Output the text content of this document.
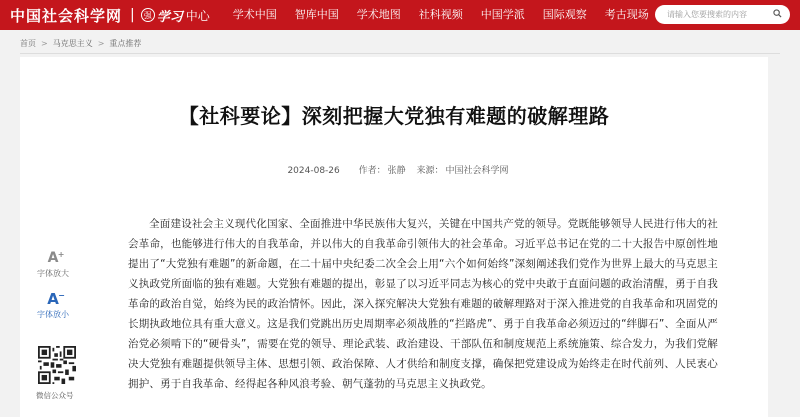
中国社会科学网 |	强 学习 中心	学术中国	智库中国	学术地图	社科视频	中国学派	国际观察	考古现场
请输入您要搜索的内容
首页 > 马克思主义 > 重点推荐
【社科要论】深刻把握大党独有难题的破解理路
2024-08-26 作者： 张静 来源： 中国社会科学网

全面建设社会主义现代化国家、全面推进中华民族伟大复兴，关键在中国共产党的领导。党既能够领导人民进行伟大的社会革命，也能够进行伟大的自我革命，并以伟大的自我革命引领伟大的社会革命。习近平总书记在党的二十大报告中原创性地提出了“大党独有难题”的新命题，在二十届中央纪委二次全会上用“六个如何始终”深刻阐述我们党作为世界上最大的马克思主义执政党所面临的独有难题。大党独有难题的提出，彰显了以习近平同志为核心的党中央敢于直面问题的政治清醒，勇于自我革命的政治自觉，始终为民的政治情怀。因此，深入探究解决大党独有难题的破解理路对于深入推进党的自我革命和巩固党的长期执政地位具有重大意义。这是我们党跳出历史周期率必须战胜的“拦路虎”、勇于自我革命必须迈过的“绊脚石”、全面从严治党必须啃下的“硬骨头”，需要在党的领导、理论武装、政治建设、干部队伍和制度规范上系统施策、综合发力，为我们党解决大党独有难题提供领导主体、思想引领、政治保障、人才供给和制度支撑，确保把党建设成为始终走在时代前列、人民衷心拥护、勇于自我革命、经得起各种风浪考验、朝气蓬勃的马克思主义执政党。

A +
字体放大
A −
字体放小
微信公众号
